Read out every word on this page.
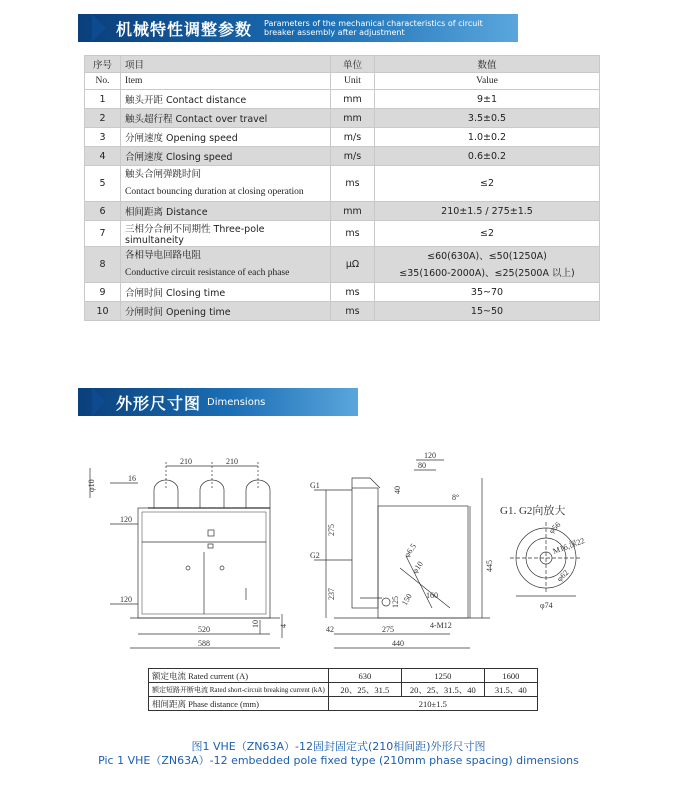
机械特性调整参数 Parameters of the mechanical characteristics of circuit
breaker assembly after adjustment
序号	项目	单位	数值
No.	Item	Unit	Value
1	触头开距 Contact distance	mm	9±1
2	触头超行程 Contact over travel	mm	3.5±0.5
3	分闸速度 Opening speed	m/s	1.0±0.2
4	合闸速度 Closing speed	m/s	0.6±0.2
5	触头合闸弹跳时间
Contact bouncing duration at closing operation	ms	≤2
6	相间距离 Distance	mm	210±1.5 / 275±1.5
7	三相分合闸不同期性 Three-pole simultaneity	ms	≤2
8	各相导电回路电阻
Conductive circuit resistance of each phase	μΩ	≤60(630A)、≤50(1250A)
≤35(1600-2000A)、≤25(2500A 以上)
9	合闸时间 Closing time	ms	35~70
10	分闸时间 Opening time	ms	15~50
外形尺寸图 Dimensions
210	210
φ10
16
120
120
520
588
10 4
G1
G2
120
80
40
8°
275
237
φ6.5
φ10
125 150 160
445
42	275	4-M12
440
G1. G2向放大
φ56
M16,深22
φ62
φ74
额定电流 Rated current (A)	630	1250	1600
额定短路开断电流 Rated short-circuit breaking current (kA)	20、25、31.5	20、25、31.5、40	31.5、40
相间距离 Phase distance (mm)	210±1.5		
图1 VHE（ZN63A）-12固封固定式(210相间距)外形尺寸图
Pic 1 VHE（ZN63A）-12 embedded pole fixed type (210mm phase spacing) dimensions
